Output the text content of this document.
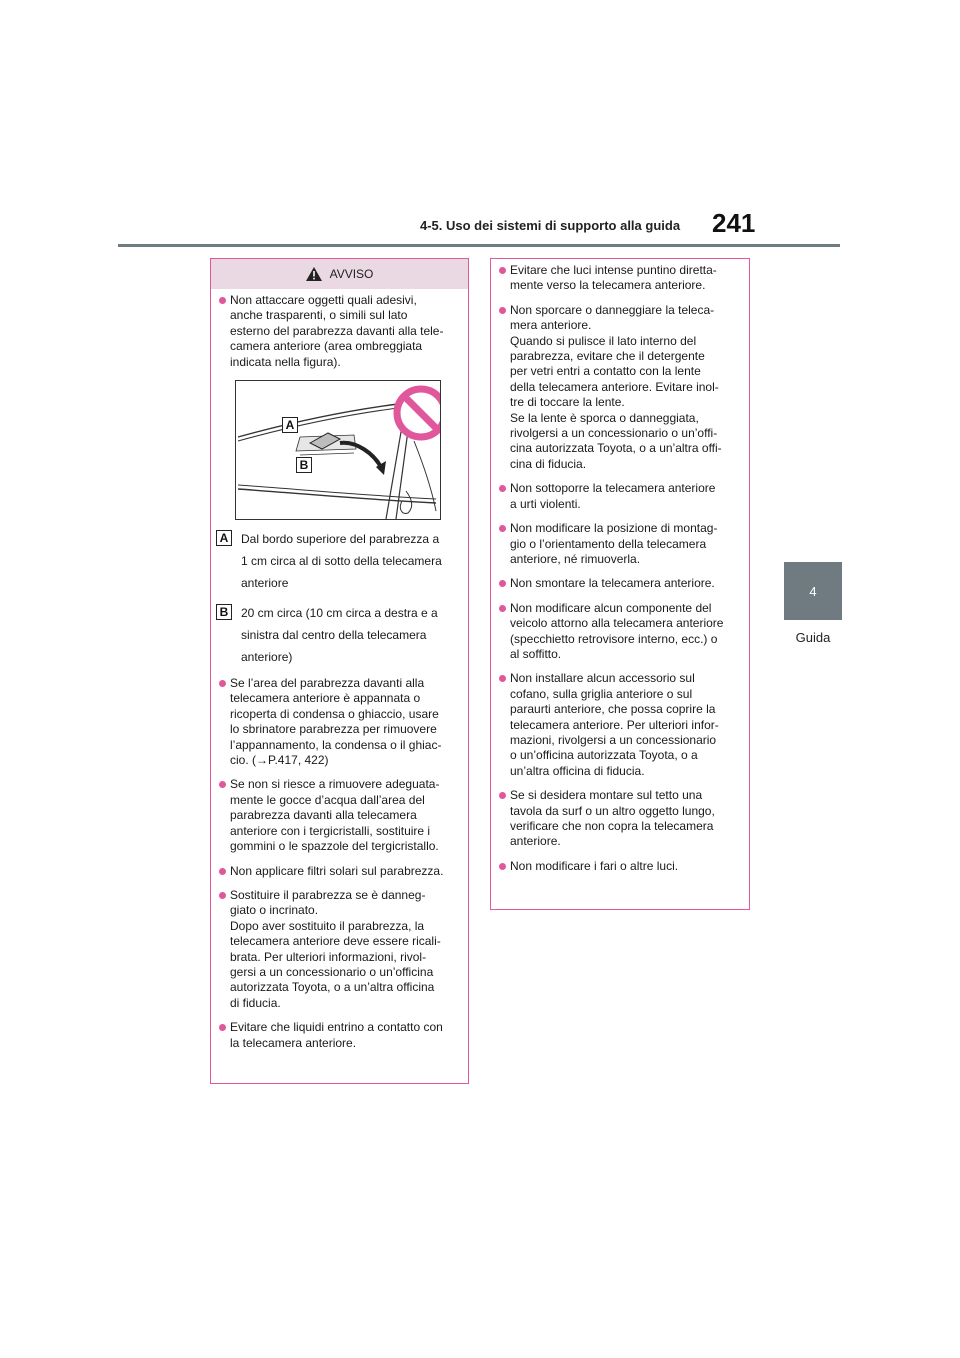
4-5. Uso dei sistemi di supporto alla guida 241
4
Guida
AVVISO
Non attaccare oggetti quali adesivi,
anche trasparenti, o simili sul lato
esterno del parabrezza davanti alla tele-
camera anteriore (area ombreggiata
indicata nella figura).
A
B
A	Dal bordo superiore del parabrezza a
1 cm circa al di sotto della telecamera
anteriore
B	20 cm circa (10 cm circa a destra e a
sinistra dal centro della telecamera
anteriore)
Se l’area del parabrezza davanti alla
telecamera anteriore è appannata o
ricoperta di condensa o ghiaccio, usare
lo sbrinatore parabrezza per rimuovere
l’appannamento, la condensa o il ghiac-
cio. (→P.417, 422)
Se non si riesce a rimuovere adeguata-
mente le gocce d’acqua dall’area del
parabrezza davanti alla telecamera
anteriore con i tergicristalli, sostituire i
gommini o le spazzole del tergicristallo.
Non applicare filtri solari sul parabrezza.
Sostituire il parabrezza se è danneg-
giato o incrinato.
Dopo aver sostituito il parabrezza, la
telecamera anteriore deve essere ricali-
brata. Per ulteriori informazioni, rivol-
gersi a un concessionario o un’officina
autorizzata Toyota, o a un’altra officina
di fiducia.
Evitare che liquidi entrino a contatto con
la telecamera anteriore.
Evitare che luci intense puntino diretta-
mente verso la telecamera anteriore.
Non sporcare o danneggiare la teleca-
mera anteriore.
Quando si pulisce il lato interno del
parabrezza, evitare che il detergente
per vetri entri a contatto con la lente
della telecamera anteriore. Evitare inol-
tre di toccare la lente.
Se la lente è sporca o danneggiata,
rivolgersi a un concessionario o un’offi-
cina autorizzata Toyota, o a un’altra offi-
cina di fiducia.
Non sottoporre la telecamera anteriore
a urti violenti.
Non modificare la posizione di montag-
gio o l’orientamento della telecamera
anteriore, né rimuoverla.
Non smontare la telecamera anteriore.
Non modificare alcun componente del
veicolo attorno alla telecamera anteriore
(specchietto retrovisore interno, ecc.) o
al soffitto.
Non installare alcun accessorio sul
cofano, sulla griglia anteriore o sul
paraurti anteriore, che possa coprire la
telecamera anteriore. Per ulteriori infor-
mazioni, rivolgersi a un concessionario
o un’officina autorizzata Toyota, o a
un’altra officina di fiducia.
Se si desidera montare sul tetto una
tavola da surf o un altro oggetto lungo,
verificare che non copra la telecamera
anteriore.
Non modificare i fari o altre luci.
